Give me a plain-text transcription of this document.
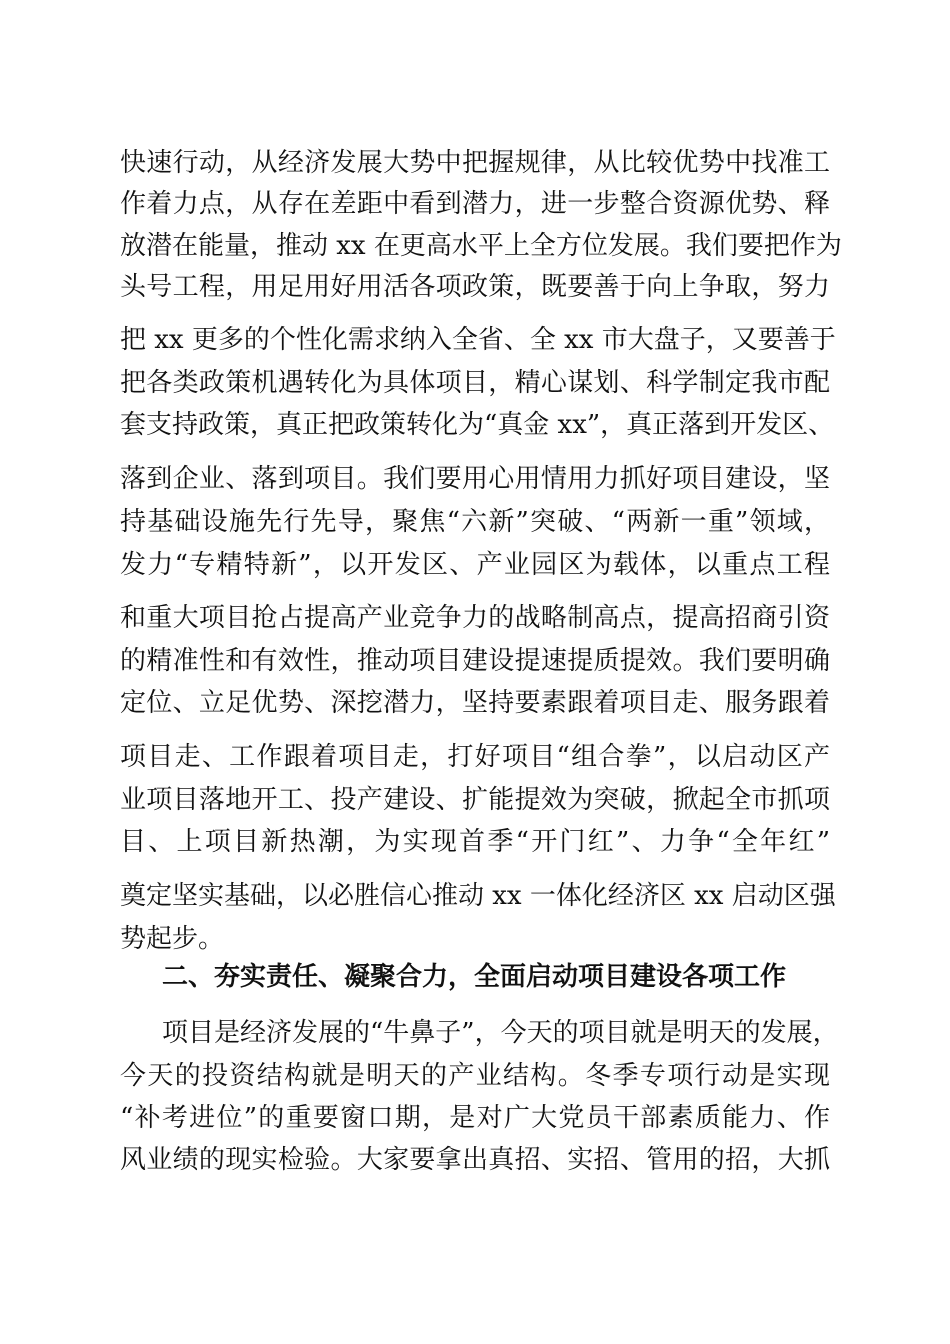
快速行动，从经济发展大势中把握规律，从比较优势中找准工
作着力点，从存在差距中看到潜力，进一步整合资源优势、释
放潜在能量，推动 xx 在更高水平上全方位发展。我们要把作为
头号工程，用足用好用活各项政策，既要善于向上争取，努力
把 xx 更多的个性化需求纳入全省、全 xx 市大盘子，又要善于
把各类政策机遇转化为具体项目，精心谋划、科学制定我市配
套支持政策，真正把政策转化为“真金 xx”，真正落到开发区、
落到企业、落到项目。我们要用心用情用力抓好项目建设，坚
持基础设施先行先导，聚焦“六新”突破、“两新一重”领域，
发力“专精特新”，以开发区、产业园区为载体，以重点工程
和重大项目抢占提高产业竞争力的战略制高点，提高招商引资
的精准性和有效性，推动项目建设提速提质提效。我们要明确
定位、立足优势、深挖潜力，坚持要素跟着项目走、服务跟着
项目走、工作跟着项目走，打好项目“组合拳”，以启动区产
业项目落地开工、投产建设、扩能提效为突破，掀起全市抓项
目、上项目新热潮，为实现首季“开门红”、力争“全年红”
奠定坚实基础，以必胜信心推动 xx 一体化经济区 xx 启动区强
势起步。
二、夯实责任、凝聚合力，全面启动项目建设各项工作
项目是经济发展的“牛鼻子”，今天的项目就是明天的发展，
今天的投资结构就是明天的产业结构。冬季专项行动是实现
“补考进位”的重要窗口期，是对广大党员干部素质能力、作
风业绩的现实检验。大家要拿出真招、实招、管用的招，大抓
